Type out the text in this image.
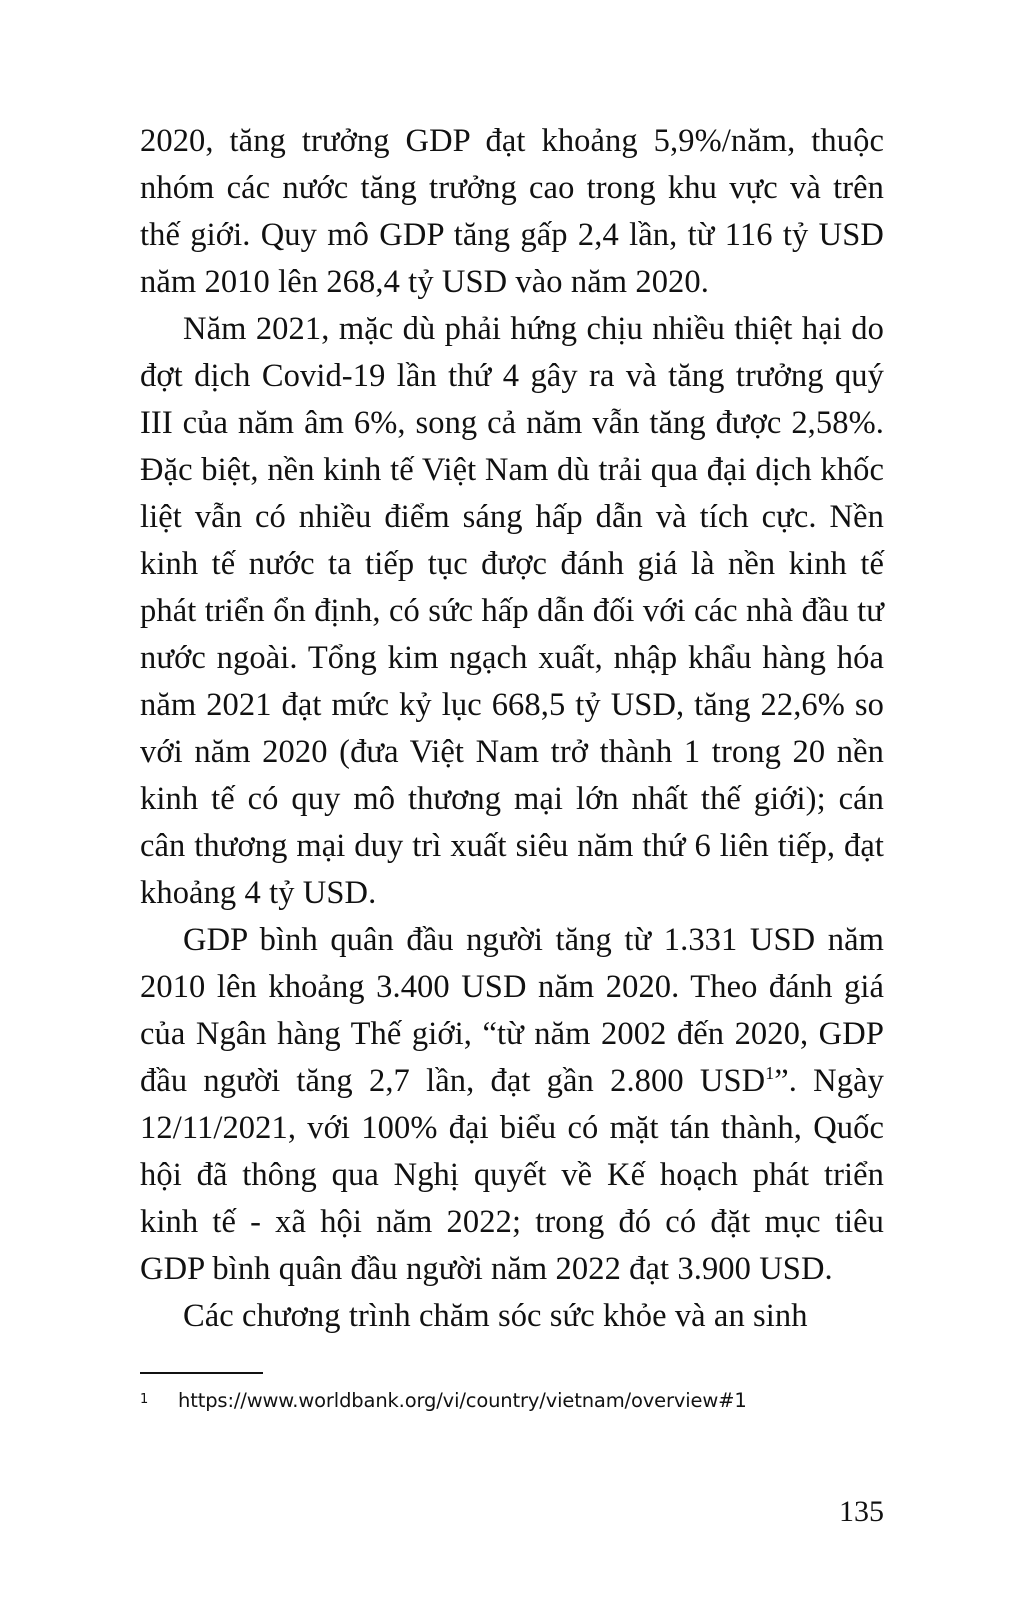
2020, tăng trưởng GDP đạt khoảng 5,9%/năm, thuộc nhóm các nước tăng trưởng cao trong khu vực và trên thế giới. Quy mô GDP tăng gấp 2,4 lần, từ 116 tỷ USD năm 2010 lên 268,4 tỷ USD vào năm 2020.

Năm 2021, mặc dù phải hứng chịu nhiều thiệt hại do đợt dịch Covid-19 lần thứ 4 gây ra và tăng trưởng quý III của năm âm 6%, song cả năm vẫn tăng được 2,58%. Đặc biệt, nền kinh tế Việt Nam dù trải qua đại dịch khốc liệt vẫn có nhiều điểm sáng hấp dẫn và tích cực. Nền kinh tế nước ta tiếp tục được đánh giá là nền kinh tế phát triển ổn định, có sức hấp dẫn đối với các nhà đầu tư nước ngoài. Tổng kim ngạch xuất, nhập khẩu hàng hóa năm 2021 đạt mức kỷ lục 668,5 tỷ USD, tăng 22,6% so với năm 2020 (đưa Việt Nam trở thành 1 trong 20 nền kinh tế có quy mô thương mại lớn nhất thế giới); cán cân thương mại duy trì xuất siêu năm thứ 6 liên tiếp, đạt khoảng 4 tỷ USD.

GDP bình quân đầu người tăng từ 1.331 USD năm 2010 lên khoảng 3.400 USD năm 2020. Theo đánh giá của Ngân hàng Thế giới, “từ năm 2002 đến 2020, GDP đầu người tăng 2,7 lần, đạt gần 2.800 USD$^1$”. Ngày 12/11/2021, với 100% đại biểu có mặt tán thành, Quốc hội đã thông qua Nghị quyết về Kế hoạch phát triển kinh tế - xã hội năm 2022; trong đó có đặt mục tiêu GDP bình quân đầu người năm 2022 đạt 3.900 USD.

Các chương trình chăm sóc sức khỏe và an sinh

1	https://www.worldbank.org/vi/country/vietnam/overview#1
135
